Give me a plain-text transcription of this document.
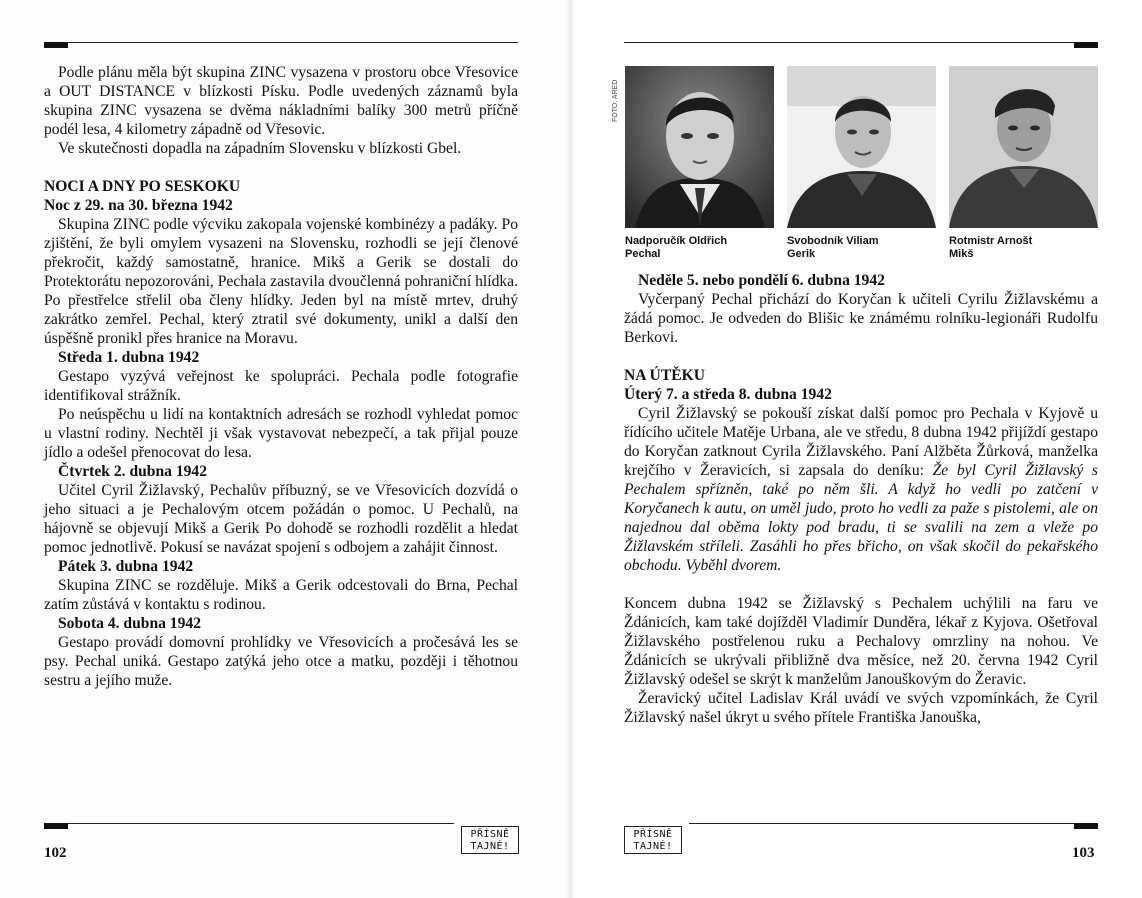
Podle plánu měla být skupina ZINC vysazena v prostoru obce Vřesovice a OUT DISTANCE v blízkosti Písku. Podle uvedených záznamů byla skupina ZINC vysazena se dvěma nákladními balíky 300 metrů příčně podél lesa, 4 kilometry západně od Vřesovic.

Ve skutečnosti dopadla na západním Slovensku v blízkosti Gbel.

NOCI A DNY PO SESKOKU

Noc z 29. na 30. března 1942

Skupina ZINC podle výcviku zakopala vojenské kombinézy a padáky. Po zjištění, že byli omylem vysazeni na Slovensku, rozhodli se její členové překročit, každý samostatně, hranice. Mikš a Gerik se dostali do Protektorátu nepozorováni, Pechala zastavila dvoučlenná pohraniční hlídka. Po přestřelce střelil oba členy hlídky. Jeden byl na místě mrtev, druhý zakrátko zemřel. Pechal, který ztratil své dokumenty, unikl a další den úspěšně pronikl přes hranice na Moravu.

Středa 1. dubna 1942

Gestapo vyzývá veřejnost ke spolupráci. Pechala podle fotografie identifikoval strážník.

Po neúspěchu u lidí na kontaktních adresách se rozhodl vyhledat pomoc u vlastní rodiny. Nechtěl ji však vystavovat nebezpečí, a tak přijal pouze jídlo a odešel přenocovat do lesa.

Čtvrtek 2. dubna 1942

Učitel Cyril Žižlavský, Pechalův příbuzný, se ve Vřesovicích dozvídá o jeho situaci a je Pechalovým otcem požádán o pomoc. U Pechalů, na hájovně se objevují Mikš a Gerik Po dohodě se rozhodli rozdělit a hledat pomoc jednotlivě. Pokusí se navázat spojení s odbojem a zahájit činnost.

Pátek 3. dubna 1942

Skupina ZINC se rozděluje. Mikš a Gerik odcestovali do Brna, Pechal zatím zůstává v kontaktu s rodinou.

Sobota 4. dubna 1942

Gestapo provádí domovní prohlídky ve Vřesovicích a pročesává les se psy. Pechal uniká. Gestapo zatýká jeho otce a matku, později i těhotnou sestru a jejího muže.

PŘÍSNĚ
TAJNÉ!
102

Neděle 5. nebo pondělí 6. dubna 1942

Vyčerpaný Pechal přichází do Koryčan k učiteli Cyrilu Žižlavskému a žádá pomoc. Je odveden do Blišic ke známému rolníku-legionáři Rudolfu Berkovi.

NA ÚTĚKU

Úterý 7. a středa 8. dubna 1942

Cyril Žižlavský se pokouší získat další pomoc pro Pechala v Kyjově u řídícího učitele Matěje Urbana, ale ve středu, 8 dubna 1942 přijíždí gestapo do Koryčan zatknout Cyrila Žižlavského. Paní Alžběta Žůrková, manželka krejčího v Žeravicích, si zapsala do deníku: Že byl Cyril Žižlavský s Pechalem spřízněn, také po něm šli. A když ho vedli po zatčení v Koryčanech k autu, on uměl judo, proto ho vedli za paže s pistolemi, ale on najednou dal oběma lokty pod bradu, ti se svalili na zem a vleže po Žižlavském stříleli. Zasáhli ho přes břicho, on však skočil do pekařského obchodu. Vyběhl dvorem.

Koncem dubna 1942 se Žižlavský s Pechalem uchýlili na faru ve Ždánicích, kam také dojížděl Vladimír Dunděra, lékař z Kyjova. Ošetřoval Žižlavského postřelenou ruku a Pechalovy omrzliny na nohou. Ve Ždánicích se ukrývali přibližně dva měsíce, než 20. června 1942 Cyril Žižlavský odešel se skrýt k manželům Janouškovým do Žeravic.

Žeravický učitel Ladislav Král uvádí ve svých vzpomínkách, že Cyril Žižlavský našel úkryt u svého přítele Františka Janouška,

PŘÍSNĚ
TAJNÉ!	103
FOTO: ARED
Nadporučík Oldřich
Pechal
Svobodník Viliam
Gerik
Rotmistr Arnošt
Mikš
